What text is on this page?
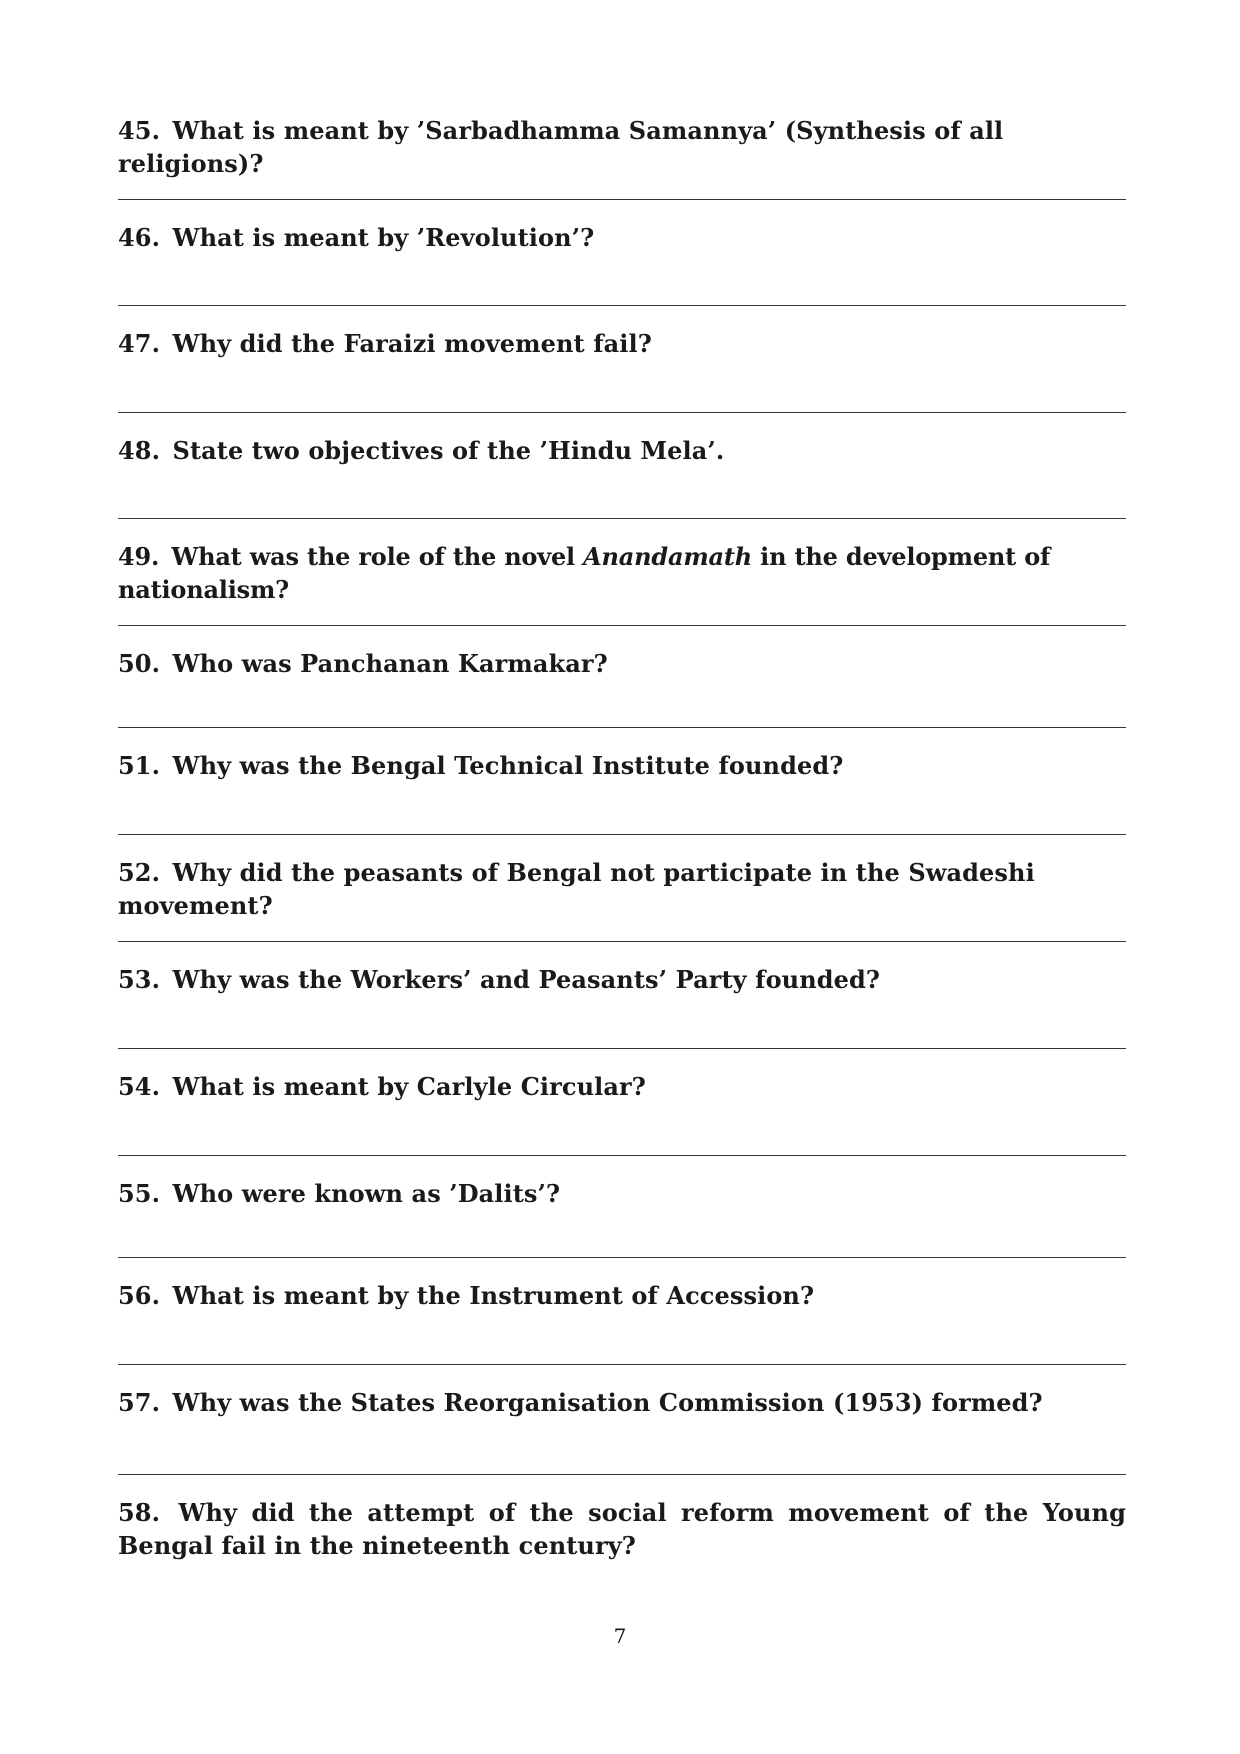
45. What is meant by ’Sarbadhamma Samannya’ (Synthesis of all religions)?
46. What is meant by ’Revolution’?
47. Why did the Faraizi movement fail?
48. State two objectives of the ’Hindu Mela’.
49. What was the role of the novel Anandamath in the development of nationalism?
50. Who was Panchanan Karmakar?
51. Why was the Bengal Technical Institute founded?
52. Why did the peasants of Bengal not participate in the Swadeshi movement?
53. Why was the Workers’ and Peasants’ Party founded?
54. What is meant by Carlyle Circular?
55. Who were known as ’Dalits’?
56. What is meant by the Instrument of Accession?
57. Why was the States Reorganisation Commission (1953) formed?
58. Why did the attempt of the social reform movement of the Young Bengal fail in the nineteenth century?
7
